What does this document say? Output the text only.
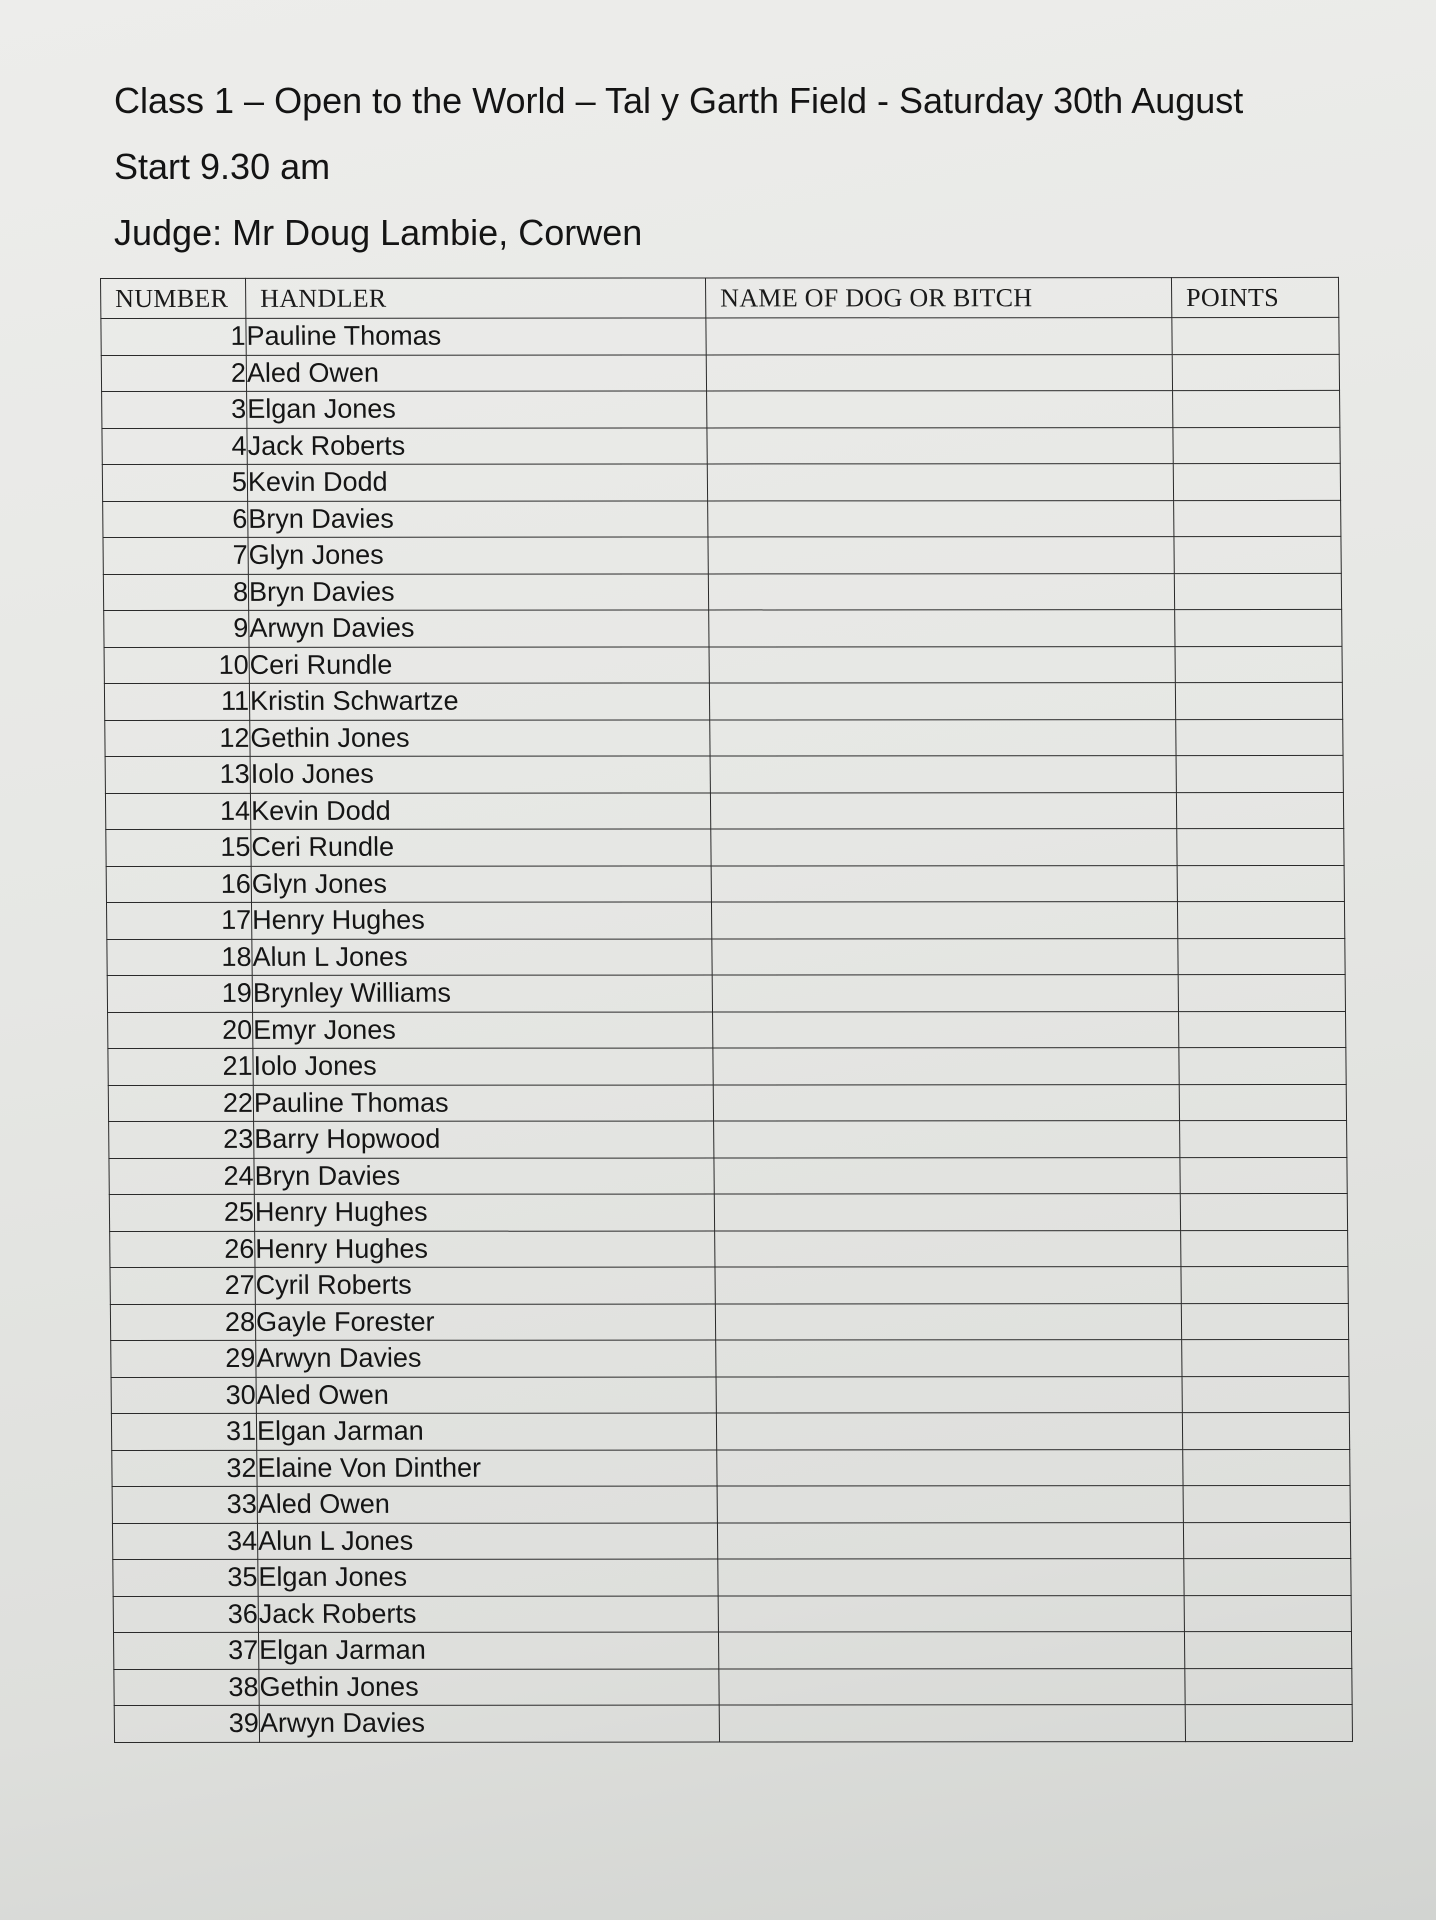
Class 1 – Open to the World – Tal y Garth Field - Saturday 30th August
Start 9.30 am
Judge: Mr Doug Lambie, Corwen
NUMBER	HANDLER	NAME OF DOG OR BITCH	POINTS
1	Pauline Thomas		
2	Aled Owen		
3	Elgan Jones		
4	Jack Roberts		
5	Kevin Dodd		
6	Bryn Davies		
7	Glyn Jones		
8	Bryn Davies		
9	Arwyn Davies		
10	Ceri Rundle		
11	Kristin Schwartze		
12	Gethin Jones		
13	Iolo Jones		
14	Kevin Dodd		
15	Ceri Rundle		
16	Glyn Jones		
17	Henry Hughes		
18	Alun L Jones		
19	Brynley Williams		
20	Emyr Jones		
21	Iolo Jones		
22	Pauline Thomas		
23	Barry Hopwood		
24	Bryn Davies		
25	Henry Hughes		
26	Henry Hughes		
27	Cyril Roberts		
28	Gayle Forester		
29	Arwyn Davies		
30	Aled Owen		
31	Elgan Jarman		
32	Elaine Von Dinther		
33	Aled Owen		
34	Alun L Jones		
35	Elgan Jones		
36	Jack Roberts		
37	Elgan Jarman		
38	Gethin Jones		
39	Arwyn Davies		
